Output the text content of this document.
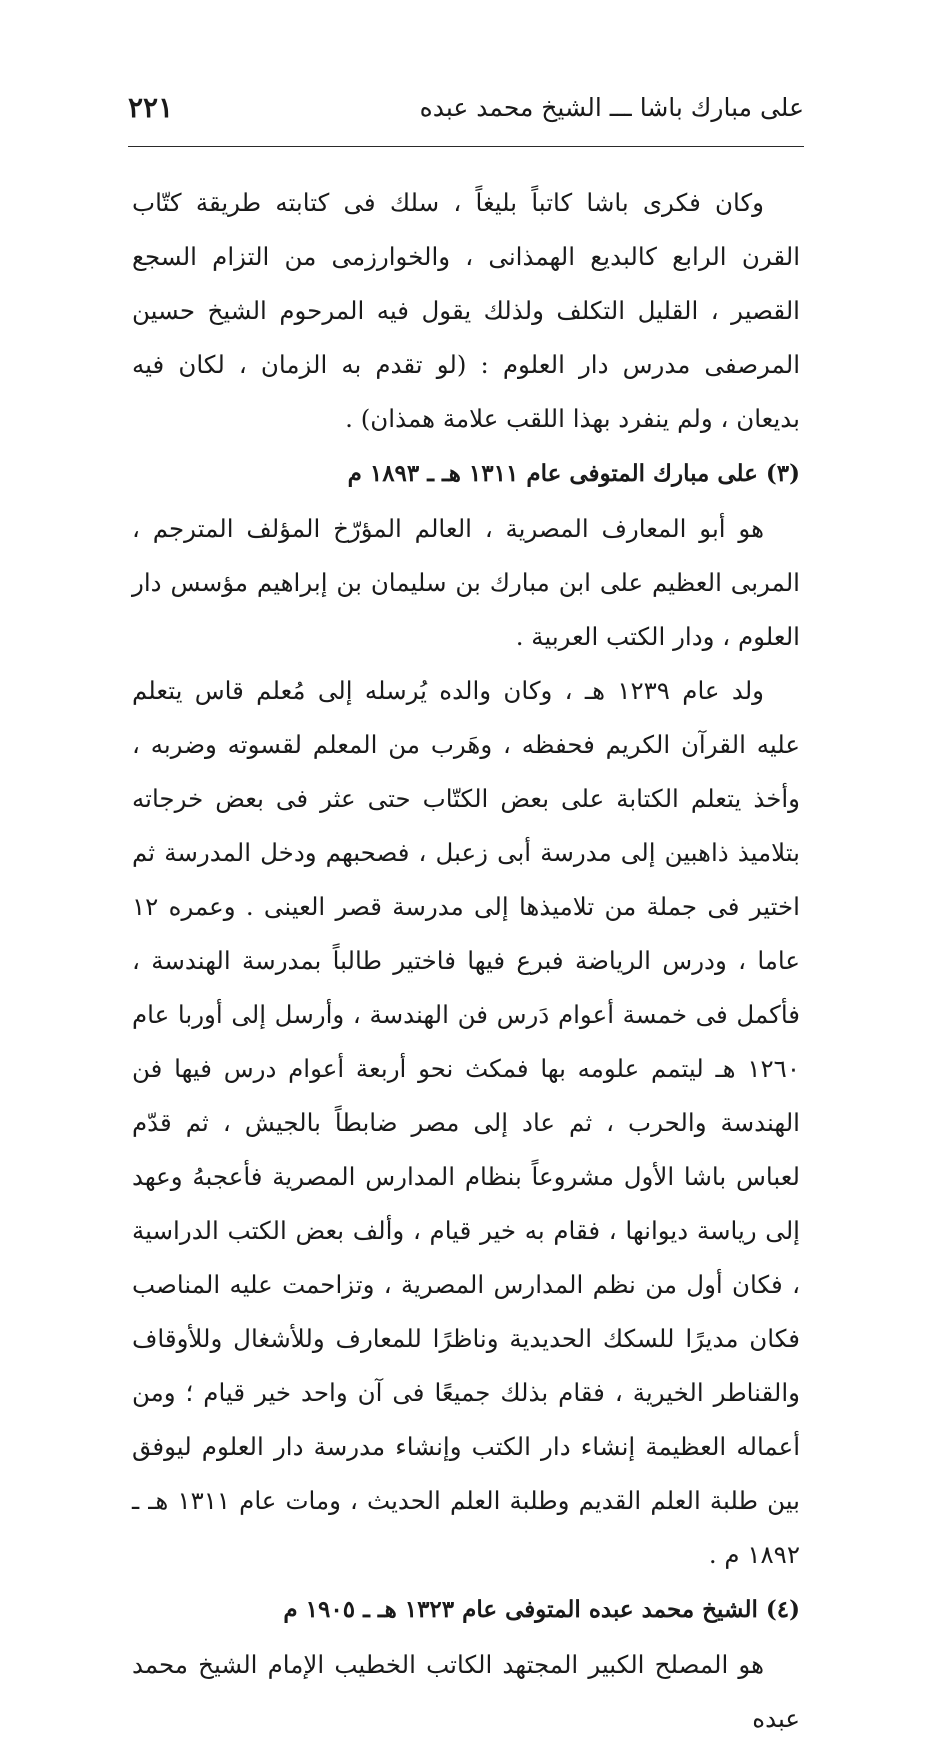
على مبارك باشا ـــ الشيخ محمد عبده
٢٢١

وكان فكرى باشا كاتباً بليغاً ، سلك فى كتابته طريقة كتّاب القرن الرابع كالبديع الهمذانى ، والخوارزمى من التزام السجع القصير ، القليل التكلف ولذلك يقول فيه المرحوم الشيخ حسين المرصفى مدرس دار العلوم : (لو تقدم به الزمان ، لكان فيه بديعان ، ولم ينفرد بهذا اللقب علامة همذان) .

(٣) على مبارك المتوفى عام ١٣١١ هـ ـ ١٨٩٣ م

هو أبو المعارف المصرية ، العالم المؤرّخ المؤلف المترجم ، المربى العظيم على ابن مبارك بن سليمان بن إبراهيم مؤسس دار العلوم ، ودار الكتب العربية .

ولد عام ١٢٣٩ هـ ، وكان والده يُرسله إلى مُعلم قاس يتعلم عليه القرآن الكريم فحفظه ، وهَرب من المعلم لقسوته وضربه ، وأخذ يتعلم الكتابة على بعض الكتّاب حتى عثر فى بعض خرجاته بتلاميذ ذاهبين إلى مدرسة أبى زعبل ، فصحبهم ودخل المدرسة ثم اختير فى جملة من تلاميذها إلى مدرسة قصر العينى . وعمره ١٢ عاما ، ودرس الرياضة فبرع فيها فاختير طالباً بمدرسة الهندسة ، فأكمل فى خمسة أعوام دَرس فن الهندسة ، وأرسل إلى أوربا عام ١٢٦٠ هـ ليتمم علومه بها فمكث نحو أربعة أعوام درس فيها فن الهندسة والحرب ، ثم عاد إلى مصر ضابطاً بالجيش ، ثم قدّم لعباس باشا الأول مشروعاً بنظام المدارس المصرية فأعجبهُ وعهد إلى رياسة ديوانها ، فقام به خير قيام ، وألف بعض الكتب الدراسية ، فكان أول من نظم المدارس المصرية ، وتزاحمت عليه المناصب فكان مديرًا للسكك الحديدية وناظرًا للمعارف وللأشغال وللأوقاف والقناطر الخيرية ، فقام بذلك جميعًا فى آن واحد خير قيام ؛ ومن أعماله العظيمة إنشاء دار الكتب وإنشاء مدرسة دار العلوم ليوفق بين طلبة العلم القديم وطلبة العلم الحديث ، ومات عام ١٣١١ هـ ـ ١٨٩٢ م .

(٤) الشيخ محمد عبده المتوفى عام ١٣٢٣ هـ ـ ١٩٠٥ م

هو المصلح الكبير المجتهد الكاتب الخطيب الإمام الشيخ محمد عبده
